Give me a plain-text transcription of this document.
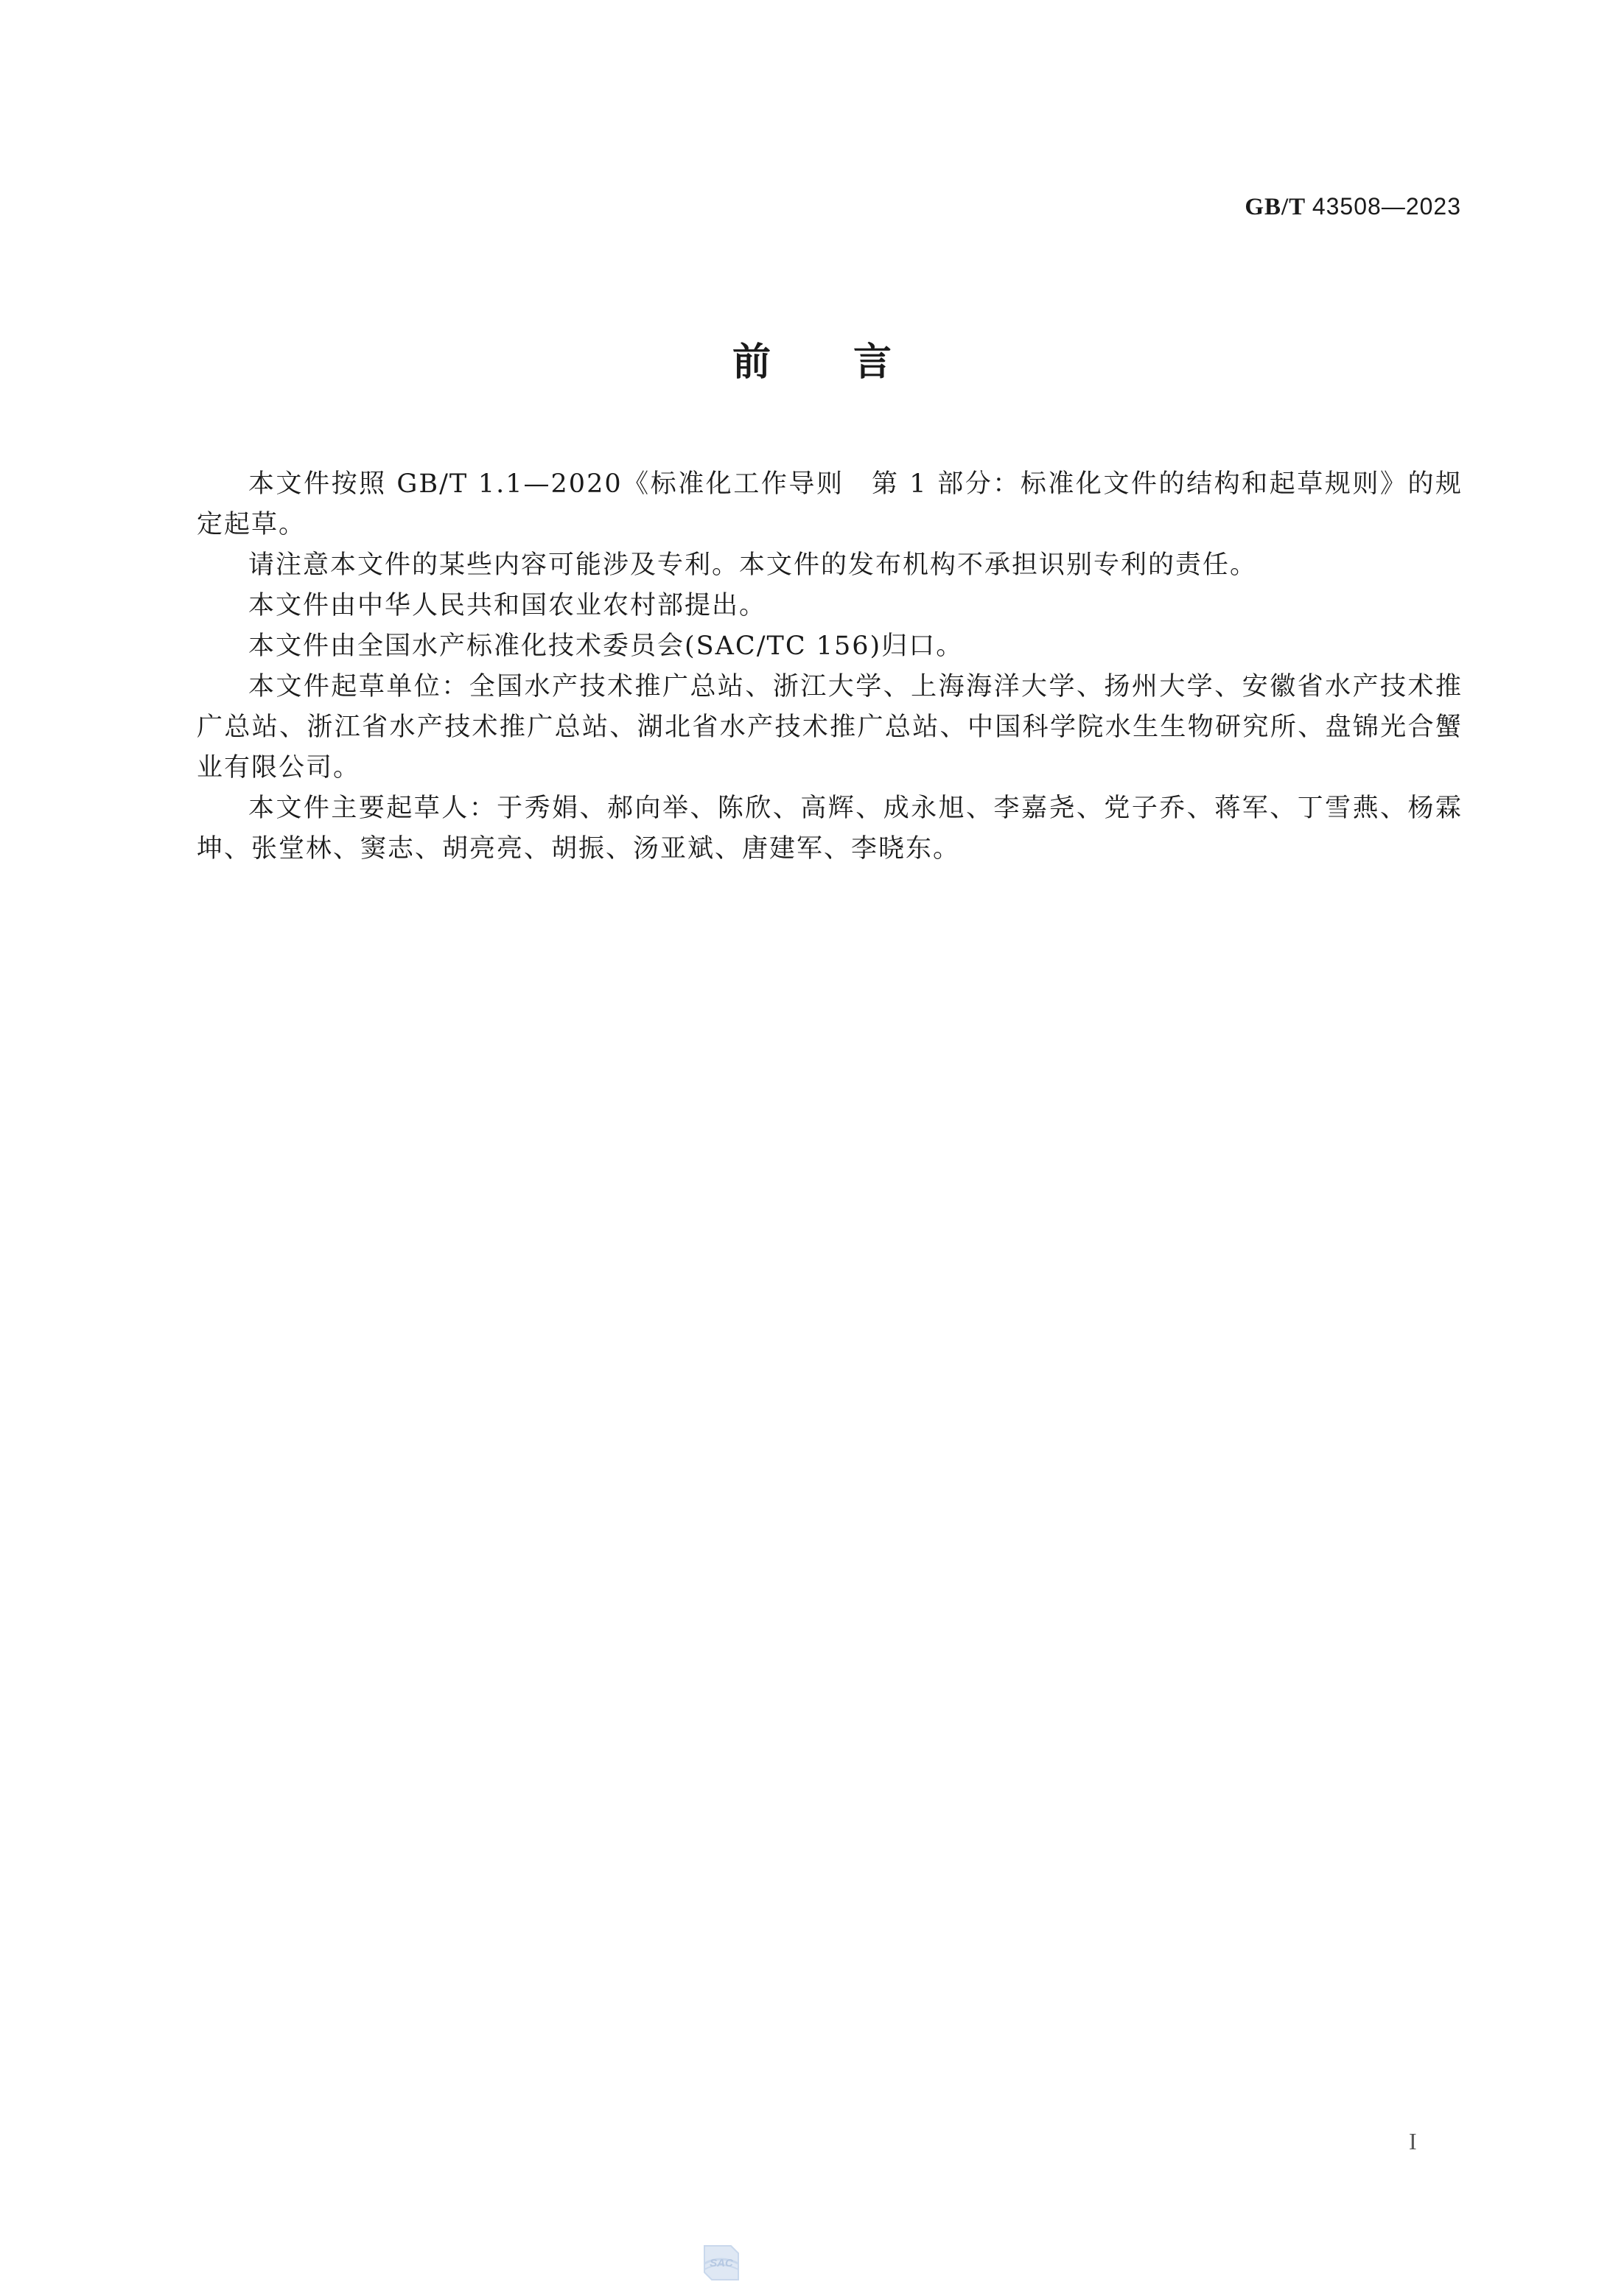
GB/T 43508—2023
前言

本文件按照 GB/T 1.1—2020《标准化工作导则　第 1 部分：标准化文件的结构和起草规则》的规定起草。

请注意本文件的某些内容可能涉及专利。本文件的发布机构不承担识别专利的责任。

本文件由中华人民共和国农业农村部提出。

本文件由全国水产标准化技术委员会(SAC/TC 156)归口。

本文件起草单位：全国水产技术推广总站、浙江大学、上海海洋大学、扬州大学、安徽省水产技术推广总站、浙江省水产技术推广总站、湖北省水产技术推广总站、中国科学院水生生物研究所、盘锦光合蟹业有限公司。

本文件主要起草人：于秀娟、郝向举、陈欣、高辉、成永旭、李嘉尧、党子乔、蒋军、丁雪燕、杨霖坤、张堂林、窦志、胡亮亮、胡振、汤亚斌、唐建军、李晓东。

I
SAC
